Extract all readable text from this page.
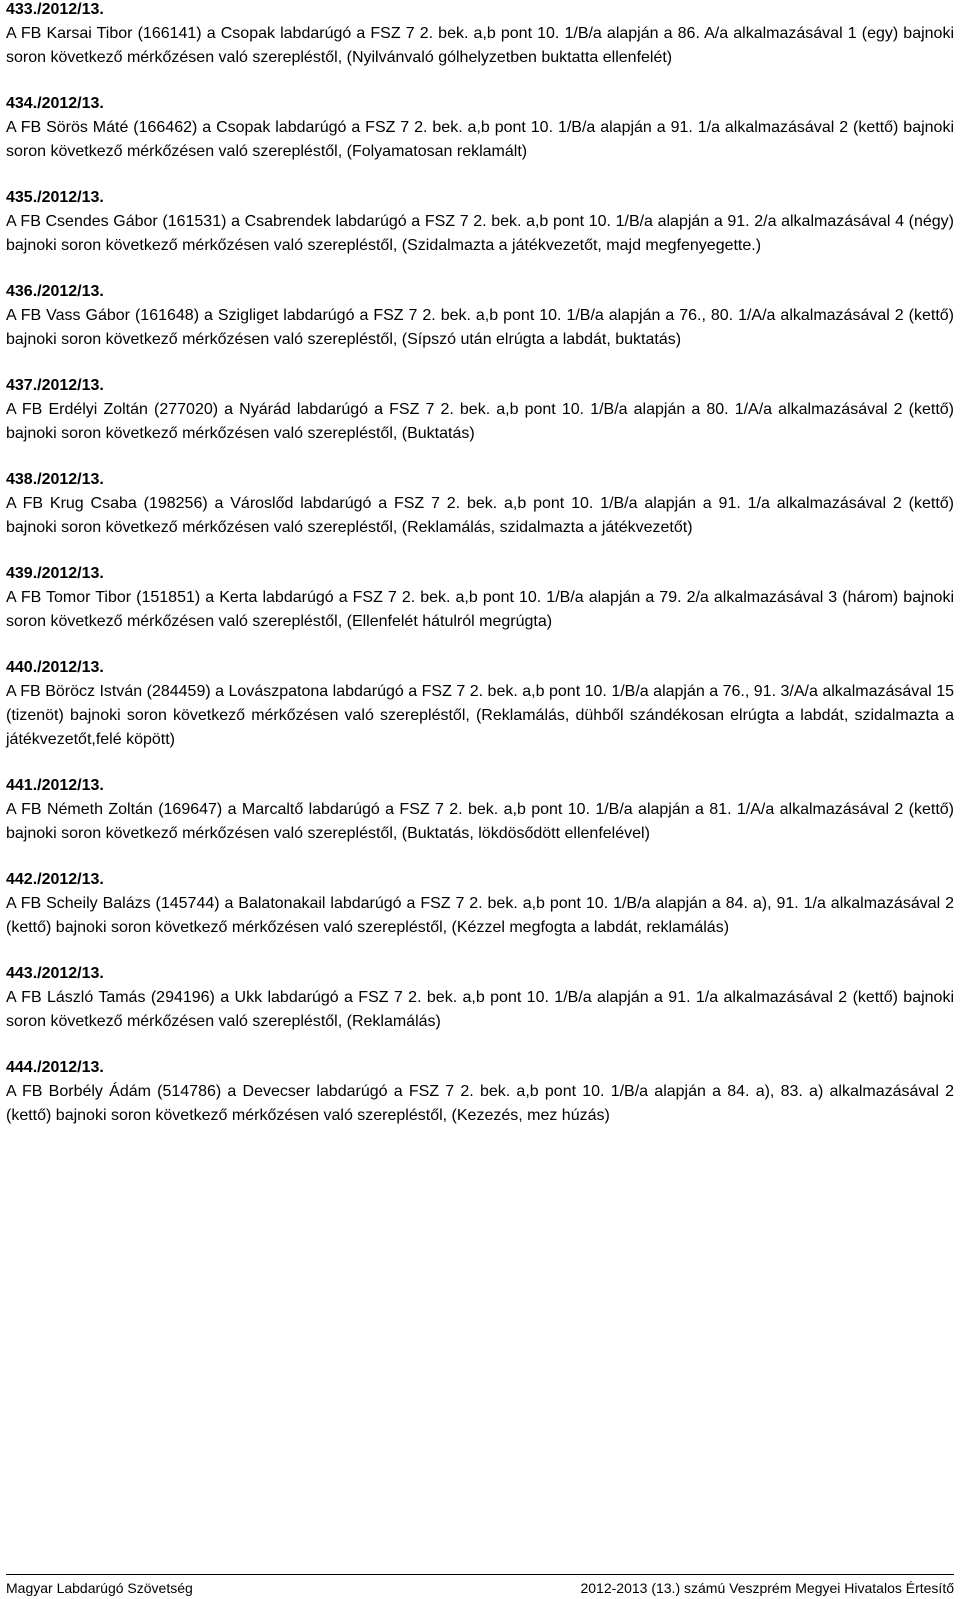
433./2012/13.

A FB Karsai Tibor (166141) a Csopak labdarúgó a FSZ 7 2. bek. a,b pont 10. 1/B/a alapján a 86. A/a alkalmazásával 1 (egy) bajnoki soron következő mérkőzésen való szerepléstől, (Nyilvánvaló gólhelyzetben buktatta ellenfelét)

434./2012/13.

A FB Sörös Máté (166462) a Csopak labdarúgó a FSZ 7 2. bek. a,b pont 10. 1/B/a alapján a 91. 1/a alkalmazásával 2 (kettő) bajnoki soron következő mérkőzésen való szerepléstől, (Folyamatosan reklamált)

435./2012/13.

A FB Csendes Gábor (161531) a Csabrendek labdarúgó a FSZ 7 2. bek. a,b pont 10. 1/B/a alapján a 91. 2/a alkalmazásával 4 (négy) bajnoki soron következő mérkőzésen való szerepléstől, (Szidalmazta a játékvezetőt, majd megfenyegette.)

436./2012/13.

A FB Vass Gábor (161648) a Szigliget labdarúgó a FSZ 7 2. bek. a,b pont 10. 1/B/a alapján a 76., 80. 1/A/a alkalmazásával 2 (kettő) bajnoki soron következő mérkőzésen való szerepléstől, (Sípszó után elrúgta a labdát, buktatás)

437./2012/13.

A FB Erdélyi Zoltán (277020) a Nyárád labdarúgó a FSZ 7 2. bek. a,b pont 10. 1/B/a alapján a 80. 1/A/a alkalmazásával 2 (kettő) bajnoki soron következő mérkőzésen való szerepléstől, (Buktatás)

438./2012/13.

A FB Krug Csaba (198256) a Városlőd labdarúgó a FSZ 7 2. bek. a,b pont 10. 1/B/a alapján a 91. 1/a alkalmazásával 2 (kettő) bajnoki soron következő mérkőzésen való szerepléstől, (Reklamálás, szidalmazta a játékvezetőt)

439./2012/13.

A FB Tomor Tibor (151851) a Kerta labdarúgó a FSZ 7 2. bek. a,b pont 10. 1/B/a alapján a 79. 2/a alkalmazásával 3 (három) bajnoki soron következő mérkőzésen való szerepléstől, (Ellenfelét hátulról megrúgta)

440./2012/13.

A FB Böröcz István (284459) a Lovászpatona labdarúgó a FSZ 7 2. bek. a,b pont 10. 1/B/a alapján a 76., 91. 3/A/a alkalmazásával 15 (tizenöt) bajnoki soron következő mérkőzésen való szerepléstől, (Reklamálás, dühből szándékosan elrúgta a labdát, szidalmazta a játékvezetőt,felé köpött)

441./2012/13.

A FB Németh Zoltán (169647) a Marcaltő labdarúgó a FSZ 7 2. bek. a,b pont 10. 1/B/a alapján a 81. 1/A/a alkalmazásával 2 (kettő) bajnoki soron következő mérkőzésen való szerepléstől, (Buktatás, lökdösődött ellenfelével)

442./2012/13.

A FB Scheily Balázs (145744) a Balatonakail labdarúgó a FSZ 7 2. bek. a,b pont 10. 1/B/a alapján a 84. a), 91. 1/a alkalmazásával 2 (kettő) bajnoki soron következő mérkőzésen való szerepléstől, (Kézzel megfogta a labdát, reklamálás)

443./2012/13.

A FB László Tamás (294196) a Ukk labdarúgó a FSZ 7 2. bek. a,b pont 10. 1/B/a alapján a 91. 1/a alkalmazásával 2 (kettő) bajnoki soron következő mérkőzésen való szerepléstől, (Reklamálás)

444./2012/13.

A FB Borbély Ádám (514786) a Devecser labdarúgó a FSZ 7 2. bek. a,b pont 10. 1/B/a alapján a 84. a), 83. a) alkalmazásával 2 (kettő) bajnoki soron következő mérkőzésen való szerepléstől, (Kezezés, mez húzás)

Magyar Labdarúgó Szövetség	2012-2013 (13.) számú Veszprém Megyei Hivatalos Értesítő
